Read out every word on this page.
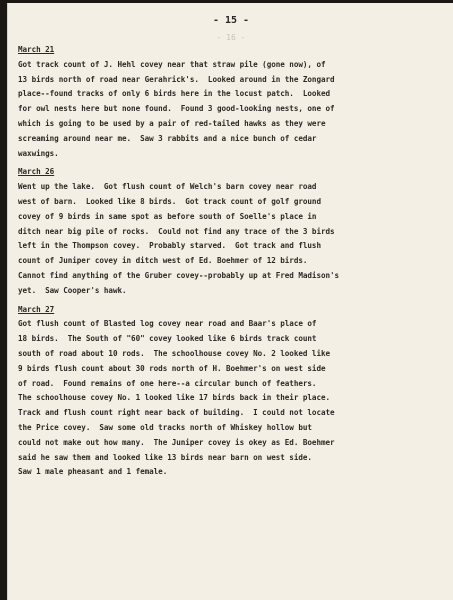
- 15 -
- 16 -
March 21
Got track count of J. Hehl covey near that straw pile (gone now), of
13 birds north of road near Gerahrick's.  Looked around in the Zongard
place--found tracks of only 6 birds here in the locust patch.  Looked
for owl nests here but none found.  Found 3 good-looking nests, one of
which is going to be used by a pair of red-tailed hawks as they were
screaming around near me.  Saw 3 rabbits and a nice bunch of cedar
waxwings.
March 26
Went up the lake.  Got flush count of Welch's barn covey near road
west of barn.  Looked like 8 birds.  Got track count of golf ground
covey of 9 birds in same spot as before south of Soelle's place in
ditch near big pile of rocks.  Could not find any trace of the 3 birds
left in the Thompson covey.  Probably starved.  Got track and flush
count of Juniper covey in ditch west of Ed. Boehmer of 12 birds.
Cannot find anything of the Gruber covey--probably up at Fred Madison's
yet.  Saw Cooper's hawk.
March 27
Got flush count of Blasted log covey near road and Baar's place of
18 birds.  The South of "60" covey looked like 6 birds track count
south of road about 10 rods.  The schoolhouse covey No. 2 looked like
9 birds flush count about 30 rods north of H. Boehmer's on west side
of road.  Found remains of one here--a circular bunch of feathers.
The schoolhouse covey No. 1 looked like 17 birds back in their place.
Track and flush count right near back of building.  I could not locate
the Price covey.  Saw some old tracks north of Whiskey hollow but
could not make out how many.  The Juniper covey is okey as Ed. Boehmer
said he saw them and looked like 13 birds near barn on west side.
Saw 1 male pheasant and 1 female.
